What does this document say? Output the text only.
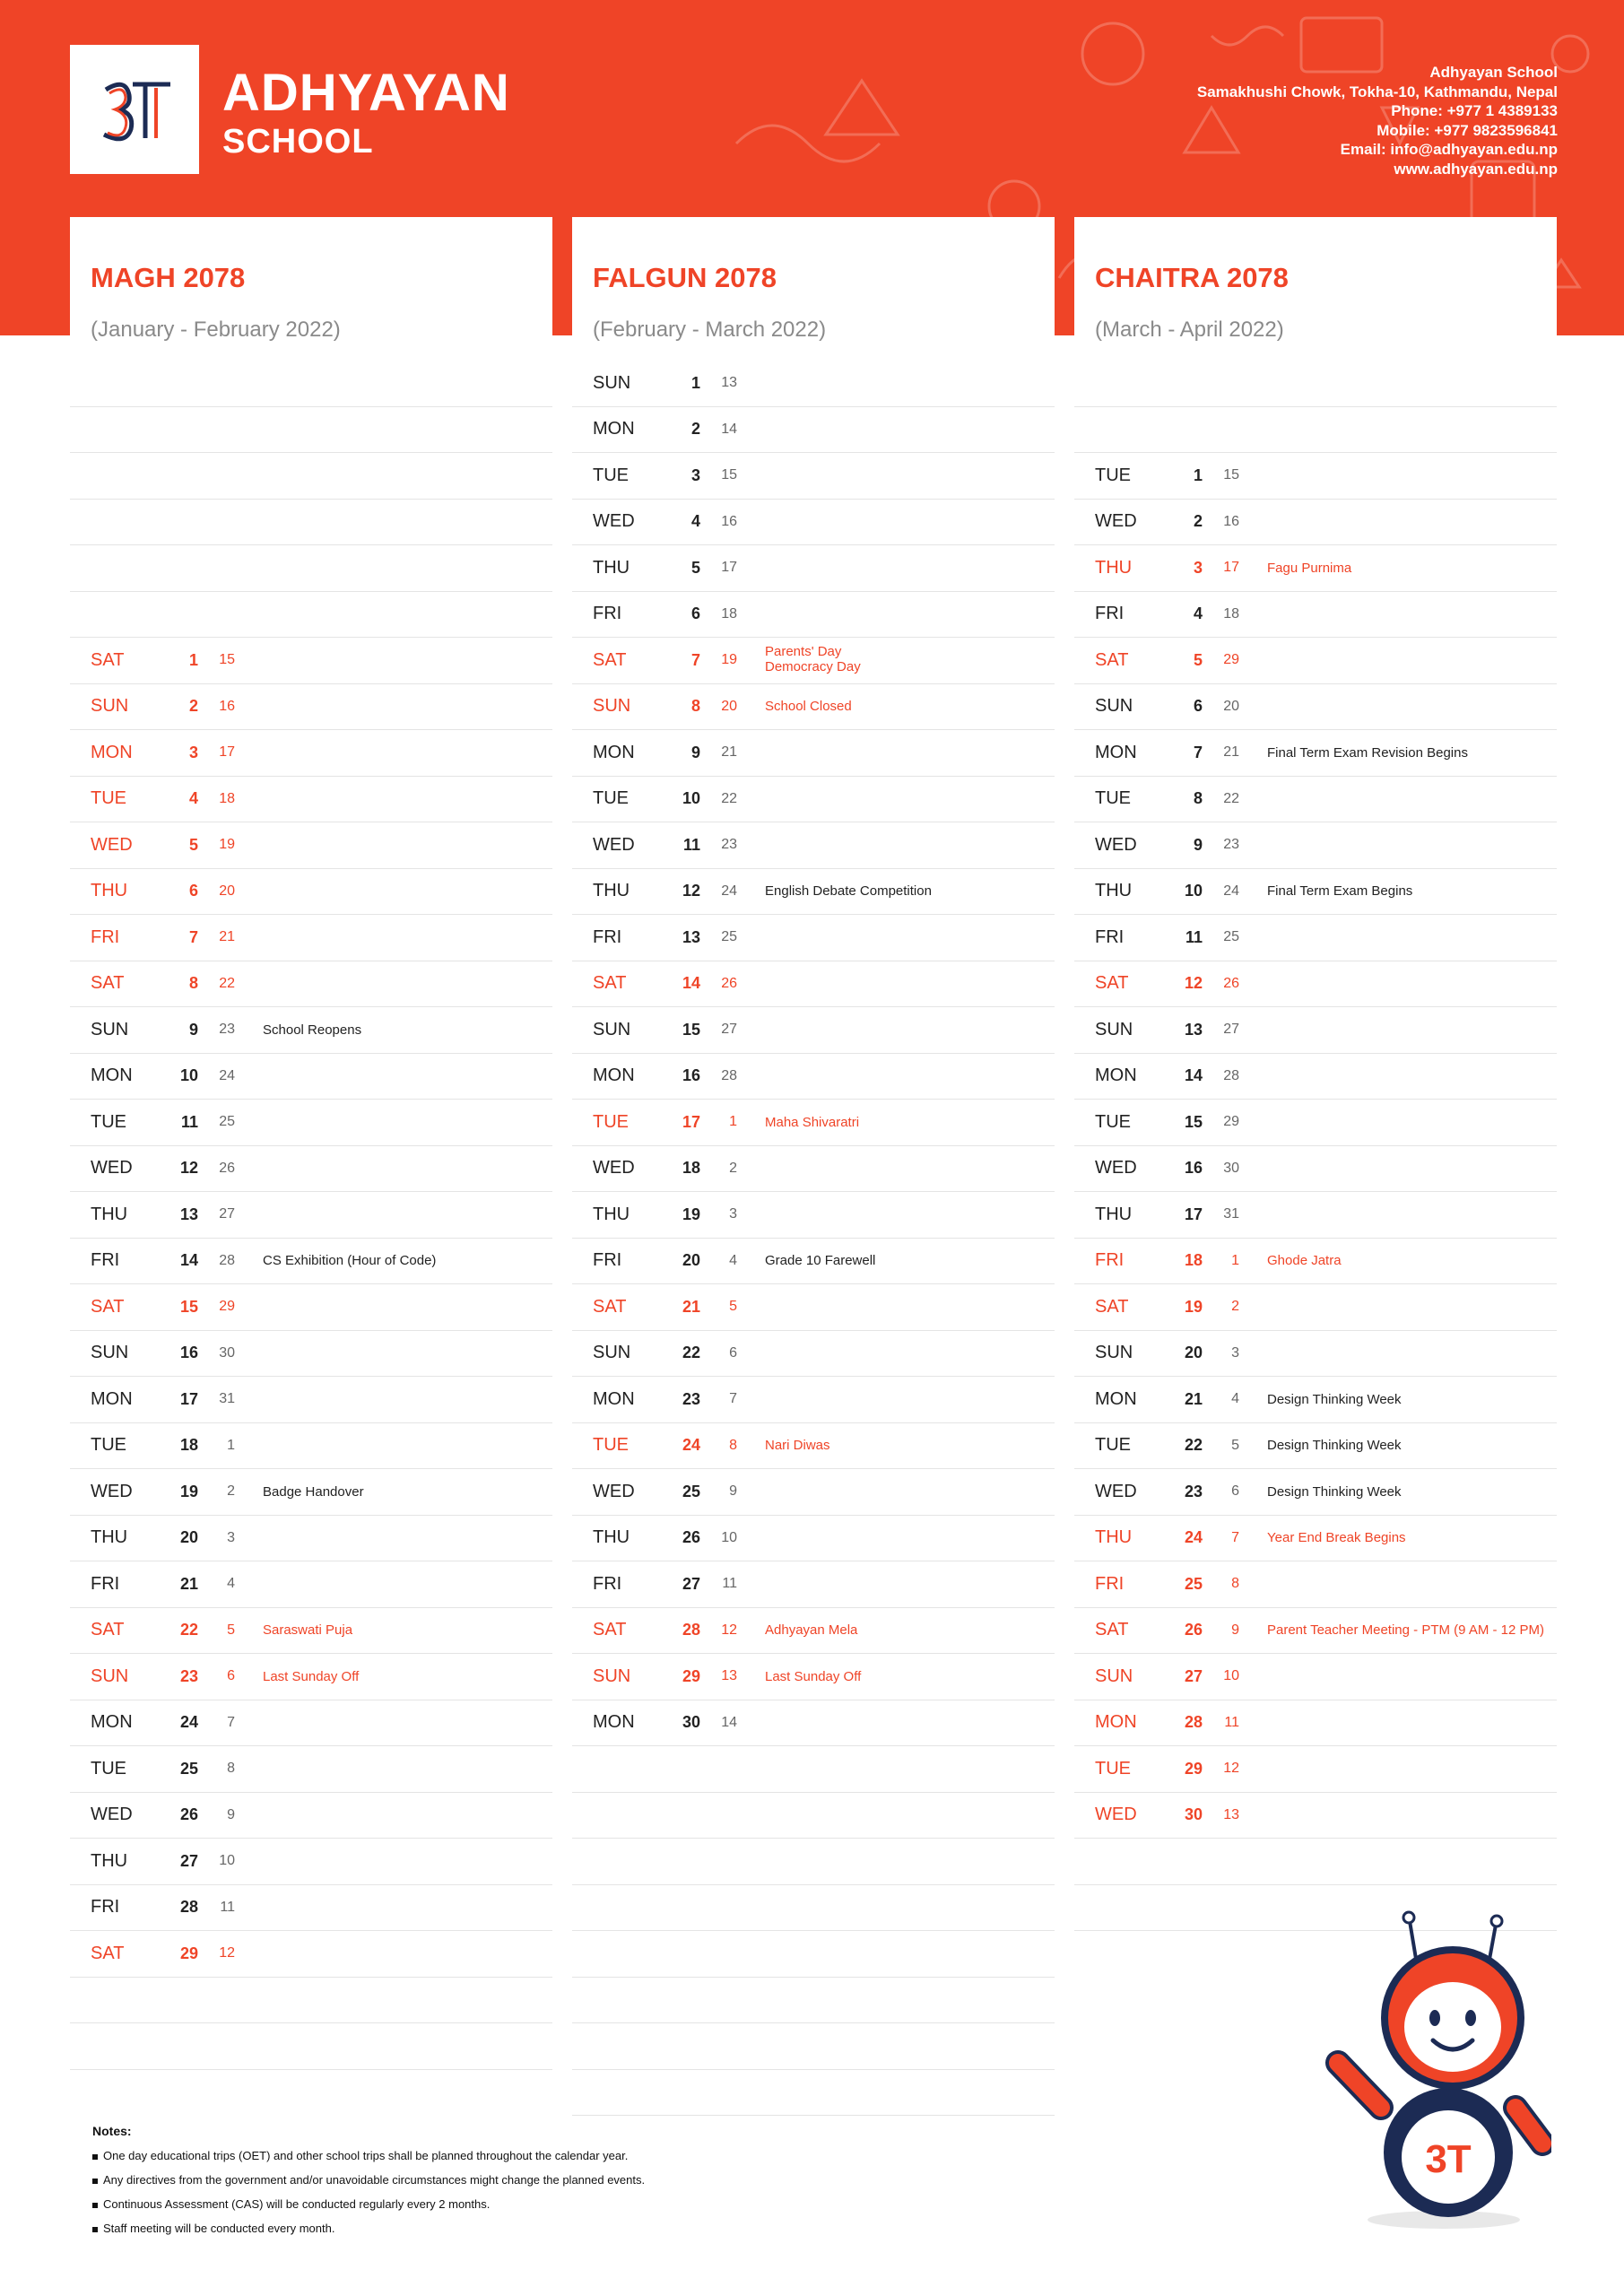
ADHYAYAN
SCHOOL
Adhyayan School
Samakhushi Chowk, Tokha-10, Kathmandu, Nepal
Phone: +977 1 4389133
Mobile: +977 9823596841
Email: info@adhyayan.edu.np
www.adhyayan.edu.np
MAGH 2078
(January - February 2022)
SAT	1	15
SUN	2	16
MON	3	17
TUE	4	18
WED	5	19
THU	6	20
FRI	7	21
SAT	8	22
SUN	9	23 School Reopens
MON	10	24
TUE	11	25
WED	12	26
THU	13	27
FRI	14	28 CS Exhibition (Hour of Code)
SAT	15	29
SUN	16	30
MON	17	31
TUE	18	1
WED	19	2 Badge Handover
THU	20	3
FRI	21	4
SAT	22	5 Saraswati Puja
SUN	23	6 Last Sunday Off
MON	24	7
TUE	25	8
WED	26	9
THU	27	10
FRI	28	11
SAT	29	12
FALGUN 2078
(February - March 2022)
SUN	1	13
MON	2	14
TUE	3	15
WED	4	16
THU	5	17
FRI	6	18
SAT	7	19
Parents' Day
Democracy Day
SUN	8	20 School Closed
MON	9	21
TUE	10	22
WED	11	23
THU	12	24 English Debate Competition
FRI	13	25
SAT	14	26
SUN	15	27
MON	16	28
TUE	17	1 Maha Shivaratri
WED	18	2
THU	19	3
FRI	20	4 Grade 10 Farewell
SAT	21	5
SUN	22	6
MON	23	7
TUE	24	8 Nari Diwas
WED	25	9
THU	26	10
FRI	27	11
SAT	28	12 Adhyayan Mela
SUN	29	13 Last Sunday Off
MON	30	14
CHAITRA 2078
(March - April 2022)
TUE	1	15
WED	2	16
THU	3	17 Fagu Purnima
FRI	4	18
SAT	5	29
SUN	6	20
MON	7	21 Final Term Exam Revision Begins
TUE	8	22
WED	9	23
THU	10	24 Final Term Exam Begins
FRI	11	25
SAT	12	26
SUN	13	27
MON	14	28
TUE	15	29
WED	16	30
THU	17	31
FRI	18	1 Ghode Jatra
SAT	19	2
SUN	20	3
MON	21	4 Design Thinking Week
TUE	22	5 Design Thinking Week
WED	23	6 Design Thinking Week
THU	24	7 Year End Break Begins
FRI	25	8
SAT	26	9 Parent Teacher Meeting - PTM (9 AM - 12 PM)
SUN	27	10
MON	28	11
TUE	29	12
WED	30	13
Notes:
One day educational trips (OET) and other school trips shall be planned throughout the calendar year.
Any directives from the government and/or unavoidable circumstances might change the planned events.
Continuous Assessment (CAS) will be conducted regularly every 2 months.
Staff meeting will be conducted every month.
3T
